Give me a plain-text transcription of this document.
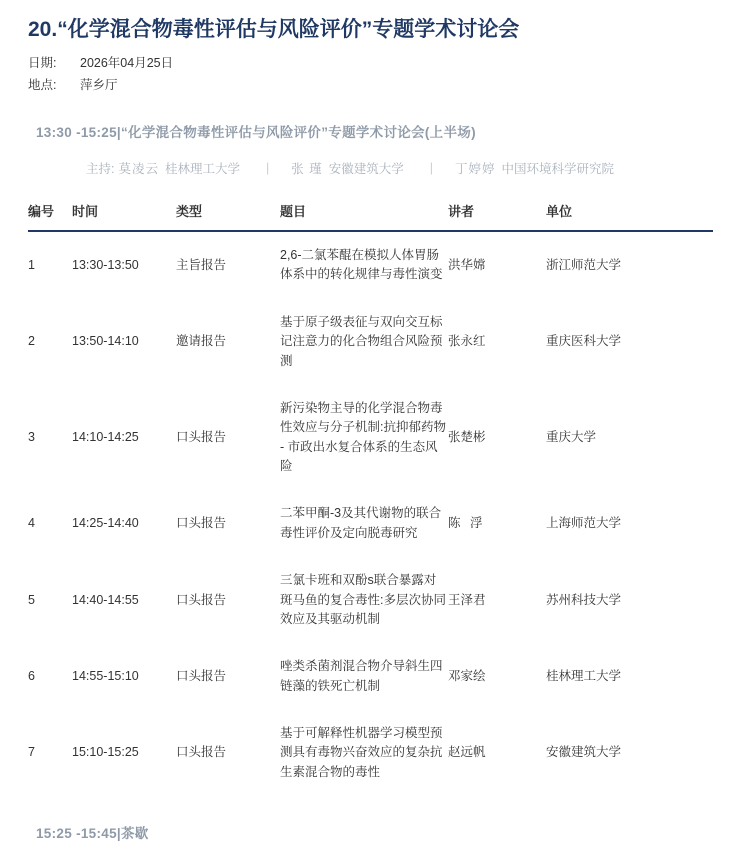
20.“化学混合物毒性评估与风险评价”专题学术讨论会
日期:	2026年04月25日
地点:	萍乡厅
13:30 -15:25|“化学混合物毒性评估与风险评价”专题学术讨论会(上半场)
主持: 莫凌云 桂林理工大学 | 张 瑾 安徽建筑大学 | 丁婷婷 中国环境科学研究院
编号	时间	类型	题目	讲者	单位
1	13:30-13:50	主旨报告	2,6-二氯苯醌在模拟人体胃肠体系中的转化规律与毒性演变	洪华嫦	浙江师范大学
2	13:50-14:10	邀请报告	基于原子级表征与双向交互标记注意力的化合物组合风险预测	张永红	重庆医科大学
3	14:10-14:25	口头报告	新污染物主导的化学混合物毒性效应与分子机制:抗抑郁药物 - 市政出水复合体系的生态风险	张楚彬	重庆大学
4	14:25-14:40	口头报告	二苯甲酮-3及其代谢物的联合毒性评价及定向脱毒研究	陈 浮	上海师范大学
5	14:40-14:55	口头报告	三氯卡班和双酚s联合暴露对斑马鱼的复合毒性:多层次协同效应及其驱动机制	王泽君	苏州科技大学
6	14:55-15:10	口头报告	唑类杀菌剂混合物介导斜生四链藻的铁死亡机制	邓家绘	桂林理工大学
7	15:10-15:25	口头报告	基于可解释性机器学习模型预测具有毒物兴奋效应的复杂抗生素混合物的毒性	赵远帆	安徽建筑大学
15:25 -15:45|茶歇
